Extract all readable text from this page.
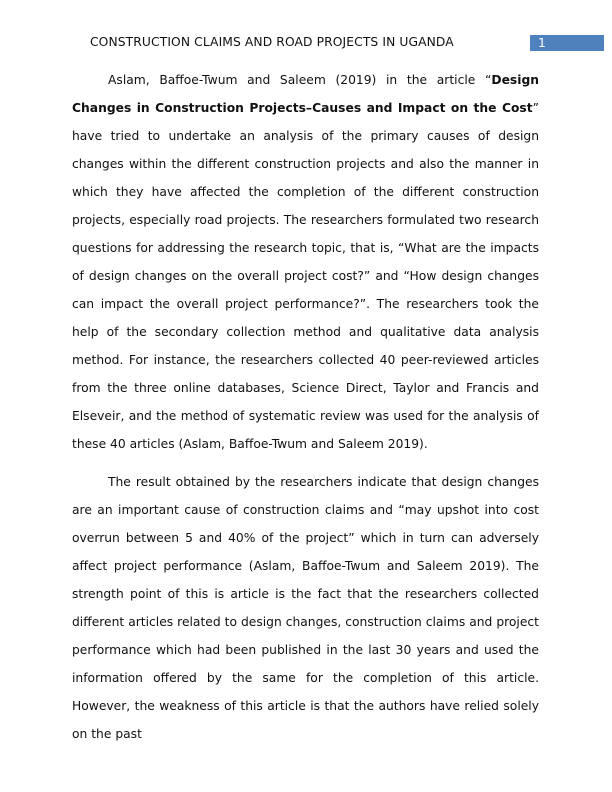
CONSTRUCTION CLAIMS AND ROAD PROJECTS IN UGANDA	1

Aslam, Baffoe-Twum and Saleem (2019) in the article “Design Changes in Construction Projects–Causes and Impact on the Cost” have tried to undertake an analysis of the primary causes of design changes within the different construction projects and also the manner in which they have affected the completion of the different construction projects, especially road projects. The researchers formulated two research questions for addressing the research topic, that is, “What are the impacts of design changes on the overall project cost?” and “How design changes can impact the overall project performance?”. The researchers took the help of the secondary collection method and qualitative data analysis method. For instance, the researchers collected 40 peer-reviewed articles from the three online databases, Science Direct, Taylor and Francis and Elseveir, and the method of systematic review was used for the analysis of these 40 articles (Aslam, Baffoe-Twum and Saleem 2019).

The result obtained by the researchers indicate that design changes are an important cause of construction claims and “may upshot into cost overrun between 5 and 40% of the project” which in turn can adversely affect project performance (Aslam, Baffoe-Twum and Saleem 2019). The strength point of this is article is the fact that the researchers collected different articles related to design changes, construction claims and project performance which had been published in the last 30 years and used the information offered by the same for the completion of this article. However, the weakness of this article is that the authors have relied solely on the past
